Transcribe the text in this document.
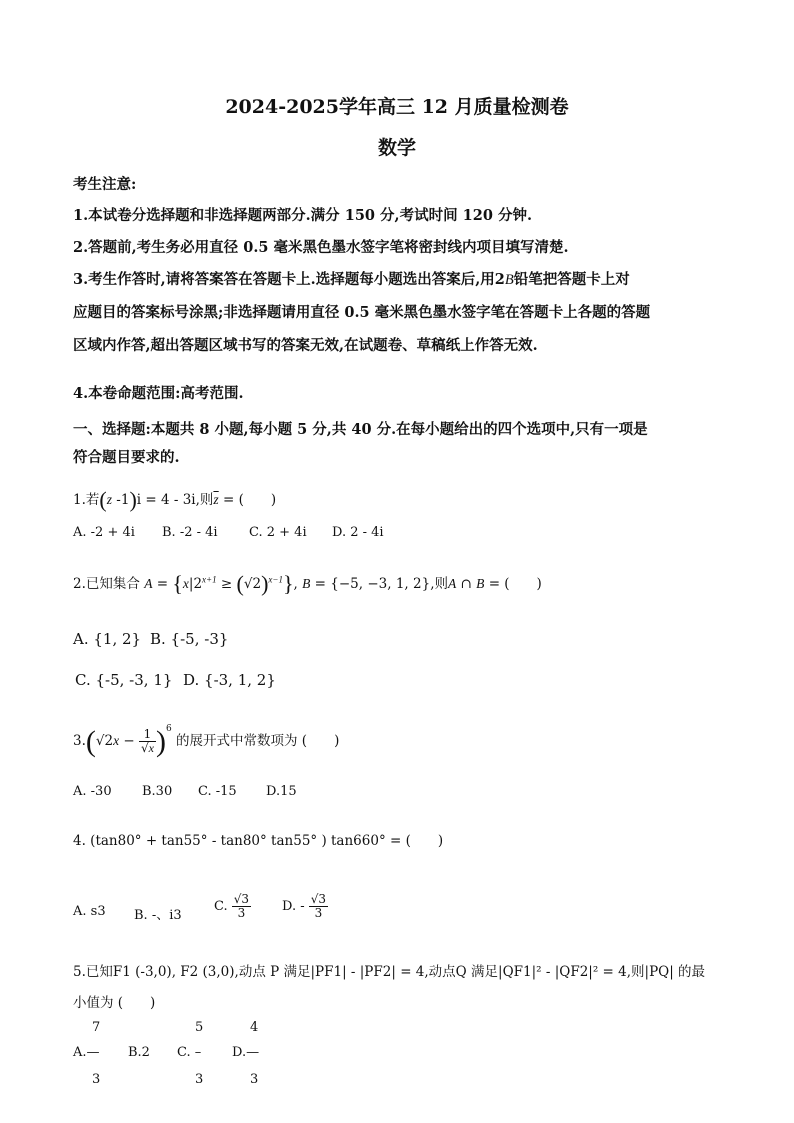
2024-2025学年高三 12 月质量检测卷
数学
考生注意:
1.本试卷分选择题和非选择题两部分.满分 150 分,考试时间 120 分钟.
2.答题前,考生务必用直径 0.5 毫米黑色墨水签字笔将密封线内项目填写清楚.
3.考生作答时,请将答案答在答题卡上.选择题每小题选出答案后,用2B铅笔把答题卡上对
应题目的答案标号涂黑;非选择题请用直径 0.5 毫米黑色墨水签字笔在答题卡上各题的答题
区域内作答,超出答题区域书写的答案无效,在试题卷、草稿纸上作答无效.
4.本卷命题范围:高考范围.
一、选择题:本题共 8 小题,每小题 5 分,共 40 分.在每小题给出的四个选项中,只有一项是
符合题目要求的.
1.若(z -1)i = 4 - 3i,则$\overline{z}$ = (　　)
A. -2 + 4i B. -2 - 4i C. 2 + 4i D. 2 - 4i
2.已知集合 $A = \{x|2^{x+1} \ge (√2)^{x-1}\}$, B = {−5, −3, 1, 2},则A ∩ B = (　　)
A. {1, 2} B. {-5, -3}
C. {-5, -3, 1} D. {-3, 1, 2}
$3.(√2x - \frac{1}{√x} )^6$ 的展开式中常数项为 (　　)
A. -30 B.30 C. -15 D.15
4. (tan80° + tan55° - tan80° tan55° ) tan660° = (　　)
A. s3 B. -、i3
C. $\frac{√3}{3} D$. - $\frac{√3}{3}$
5.已知F1 (-3,0), F2 (3,0),动点 P 满足|PF1| - |PF2| = 4,动点Q 满足|QF1|² - |QF2|² = 4,则|PQ| 的最
小值为 (　　)
7
A.—
3
B.2
5
C. –
3
4
D.—
3
